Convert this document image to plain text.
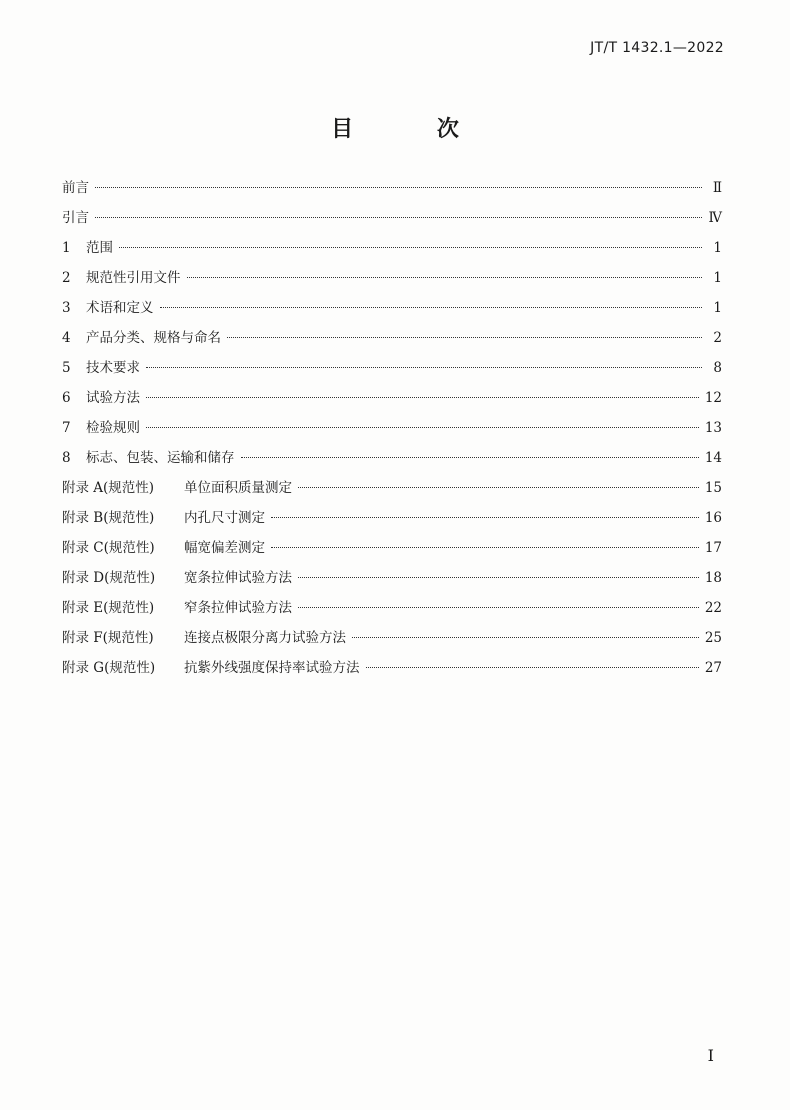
JT/T 1432.1—2022
目 次
前言	Ⅱ
引言	Ⅳ
1	范围	1
2	规范性引用文件	1
3	术语和定义	1
4	产品分类、规格与命名	2
5	技术要求	8
6	试验方法	12
7	检验规则	13
8	标志、包装、运输和储存	14
附录 A(规范性)	单位面积质量测定	15
附录 B(规范性)	内孔尺寸测定	16
附录 C(规范性)	幅宽偏差测定	17
附录 D(规范性)	宽条拉伸试验方法	18
附录 E(规范性)	窄条拉伸试验方法	22
附录 F(规范性)	连接点极限分离力试验方法	25
附录 G(规范性)	抗紫外线强度保持率试验方法	27
I
